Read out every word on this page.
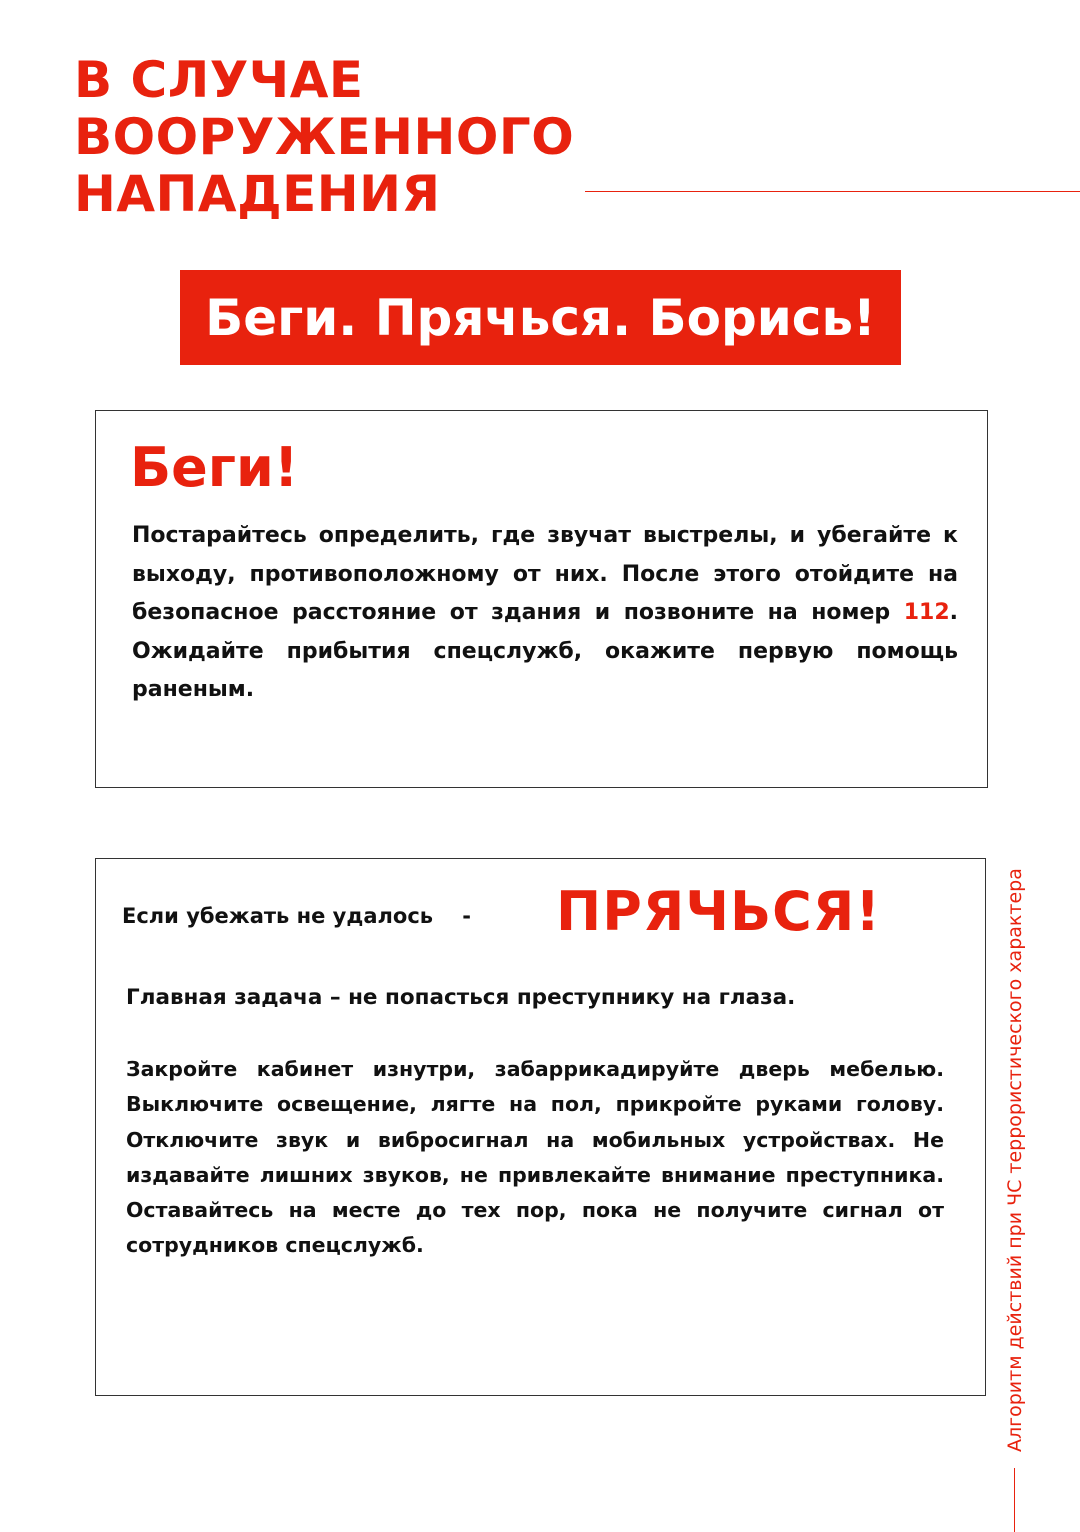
В СЛУЧАЕ
ВООРУЖЕННОГО
НАПАДЕНИЯ
Беги. Прячься. Борись!
Беги!

Постарайтесь определить, где звучат выстрелы, и убегайте к выходу, противоположному от них. После этого отойдите на безопасное расстояние от здания и позвоните на номер 112. Ожидайте прибытия спецслужб, окажите первую помощь раненым.

Если убежать не удалось    - ПРЯЧЬСЯ!

Главная задача – не попасться преступнику на глаза.

Закройте кабинет изнутри, забаррикадируйте дверь мебелью. Выключите освещение, лягте на пол, прикройте руками голову. Отключите звук и вибросигнал на мобильных устройствах. Не издавайте лишних звуков, не привлекайте внимание преступника. Оставайтесь на месте до тех пор, пока не получите сигнал от сотрудников спецслужб.	Алгоритм действий при ЧС террористического характера
